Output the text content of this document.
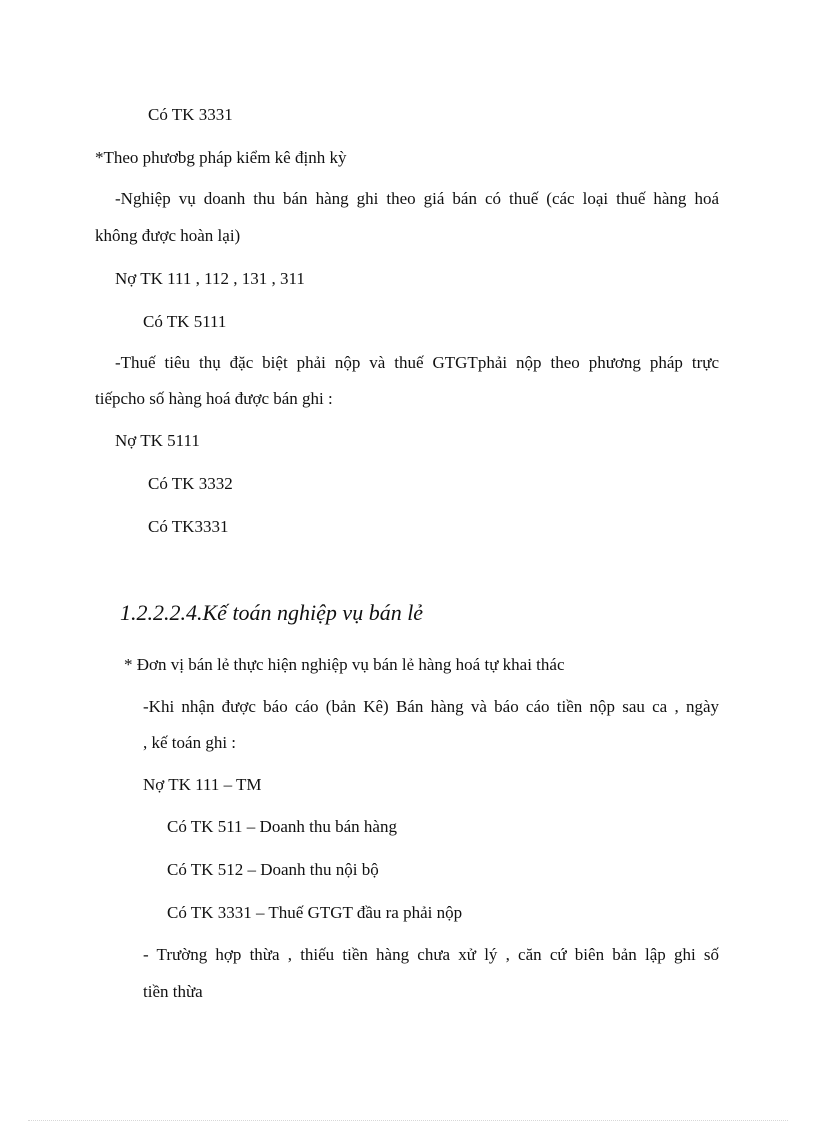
Có TK 3331

*Theo phươbg pháp kiểm kê định kỳ

-Nghiệp vụ doanh thu bán hàng ghi theo giá bán có thuế (các loại thuế hàng hoá

không được hoàn lại)

Nợ TK 111 , 112 , 131 , 311

Có TK 5111

-Thuế tiêu thụ đặc biệt phải nộp và thuế GTGTphải nộp theo phương pháp trực

tiếpcho số hàng hoá được bán ghi :

Nợ TK 5111

Có TK 3332

Có TK3331

1.2.2.2.4.Kế toán nghiệp vụ bán lẻ

* Đơn vị bán lẻ thực hiện nghiệp vụ bán lẻ hàng hoá tự khai thác

-Khi nhận được báo cáo (bản Kê) Bán hàng và báo cáo tiền nộp sau ca , ngày

, kế toán ghi :

Nợ TK 111 – TM

Có TK 511 – Doanh thu bán hàng

Có TK 512 – Doanh thu nội bộ

Có TK 3331 – Thuế GTGT đầu ra phải nộp

- Trường hợp thừa , thiếu tiền hàng chưa xử lý , căn cứ biên bản lập ghi số

tiền thừa
